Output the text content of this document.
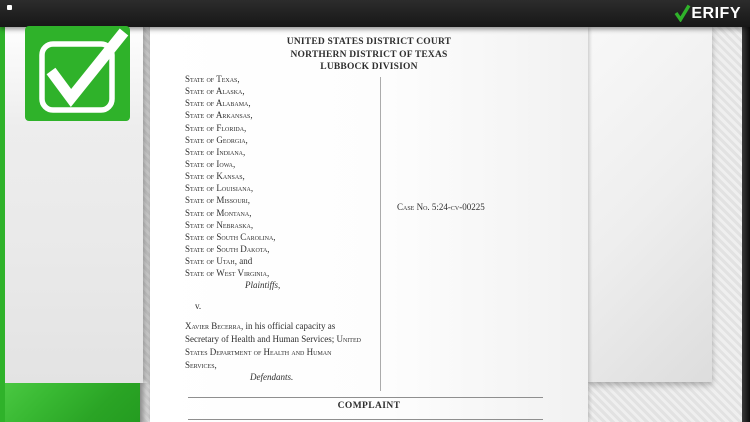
UNITED STATES DISTRICT COURT
NORTHERN DISTRICT OF TEXAS
LUBBOCK DIVISION
State of Texas,
State of Alaska,
State of Alabama,
State of Arkansas,
State of Florida,
State of Georgia,
State of Indiana,
State of Iowa,
State of Kansas,
State of Louisiana,
State of Missouri,
State of Montana,
State of Nebraska,
State of South Carolina,
State of South Dakota,
State of Utah, and
State of West Virginia,
Plaintiffs,
v.
Xavier Becerra, in his official capacity as
Secretary of Health and Human Services; United
States Department of Health and Human
Services,
Defendants.
Case No. 5:24-cv-00225
COMPLAINT
ERIFY
